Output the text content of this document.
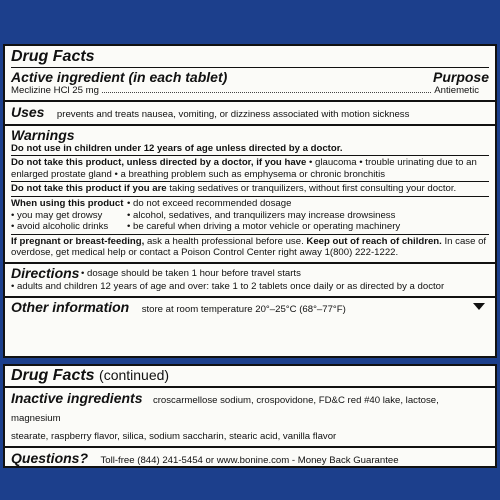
Drug Facts
Active ingredient (in each tablet)	Purpose
Meclizine HCl 25 mg	Antiemetic
Uses prevents and treats nausea, vomiting, or dizziness associated with motion sickness
Warnings
Do not use in children under 12 years of age unless directed by a doctor.
Do not take this product, unless directed by a doctor, if you have • glaucoma • trouble urinating due to an
enlarged prostate gland • a breathing problem such as emphysema or chronic bronchitis
Do not take this product if you are taking sedatives or tranquilizers, without first consulting your doctor.
When using this product
• you may get drowsy
• avoid alcoholic drinks
• do not exceed recommended dosage
• alcohol, sedatives, and tranquilizers may increase drowsiness
• be careful when driving a motor vehicle or operating machinery
If pregnant or breast-feeding, ask a health professional before use. Keep out of reach of children. In case of
overdose, get medical help or contact a Poison Control Center right away 1(800) 222-1222.
Directions • dosage should be taken 1 hour before travel starts
• adults and children 12 years of age and over: take 1 to 2 tablets once daily or as directed by a doctor
Other information store at room temperature 20°–25°C (68°–77°F)
Drug Facts (continued)
Inactive ingredients croscarmellose sodium, crospovidone, FD&C red #40 lake, lactose, magnesium
stearate, raspberry flavor, silica, sodium saccharin, stearic acid, vanilla flavor
Questions? Toll-free (844) 241-5454 or www.bonine.com - Money Back Guarantee
